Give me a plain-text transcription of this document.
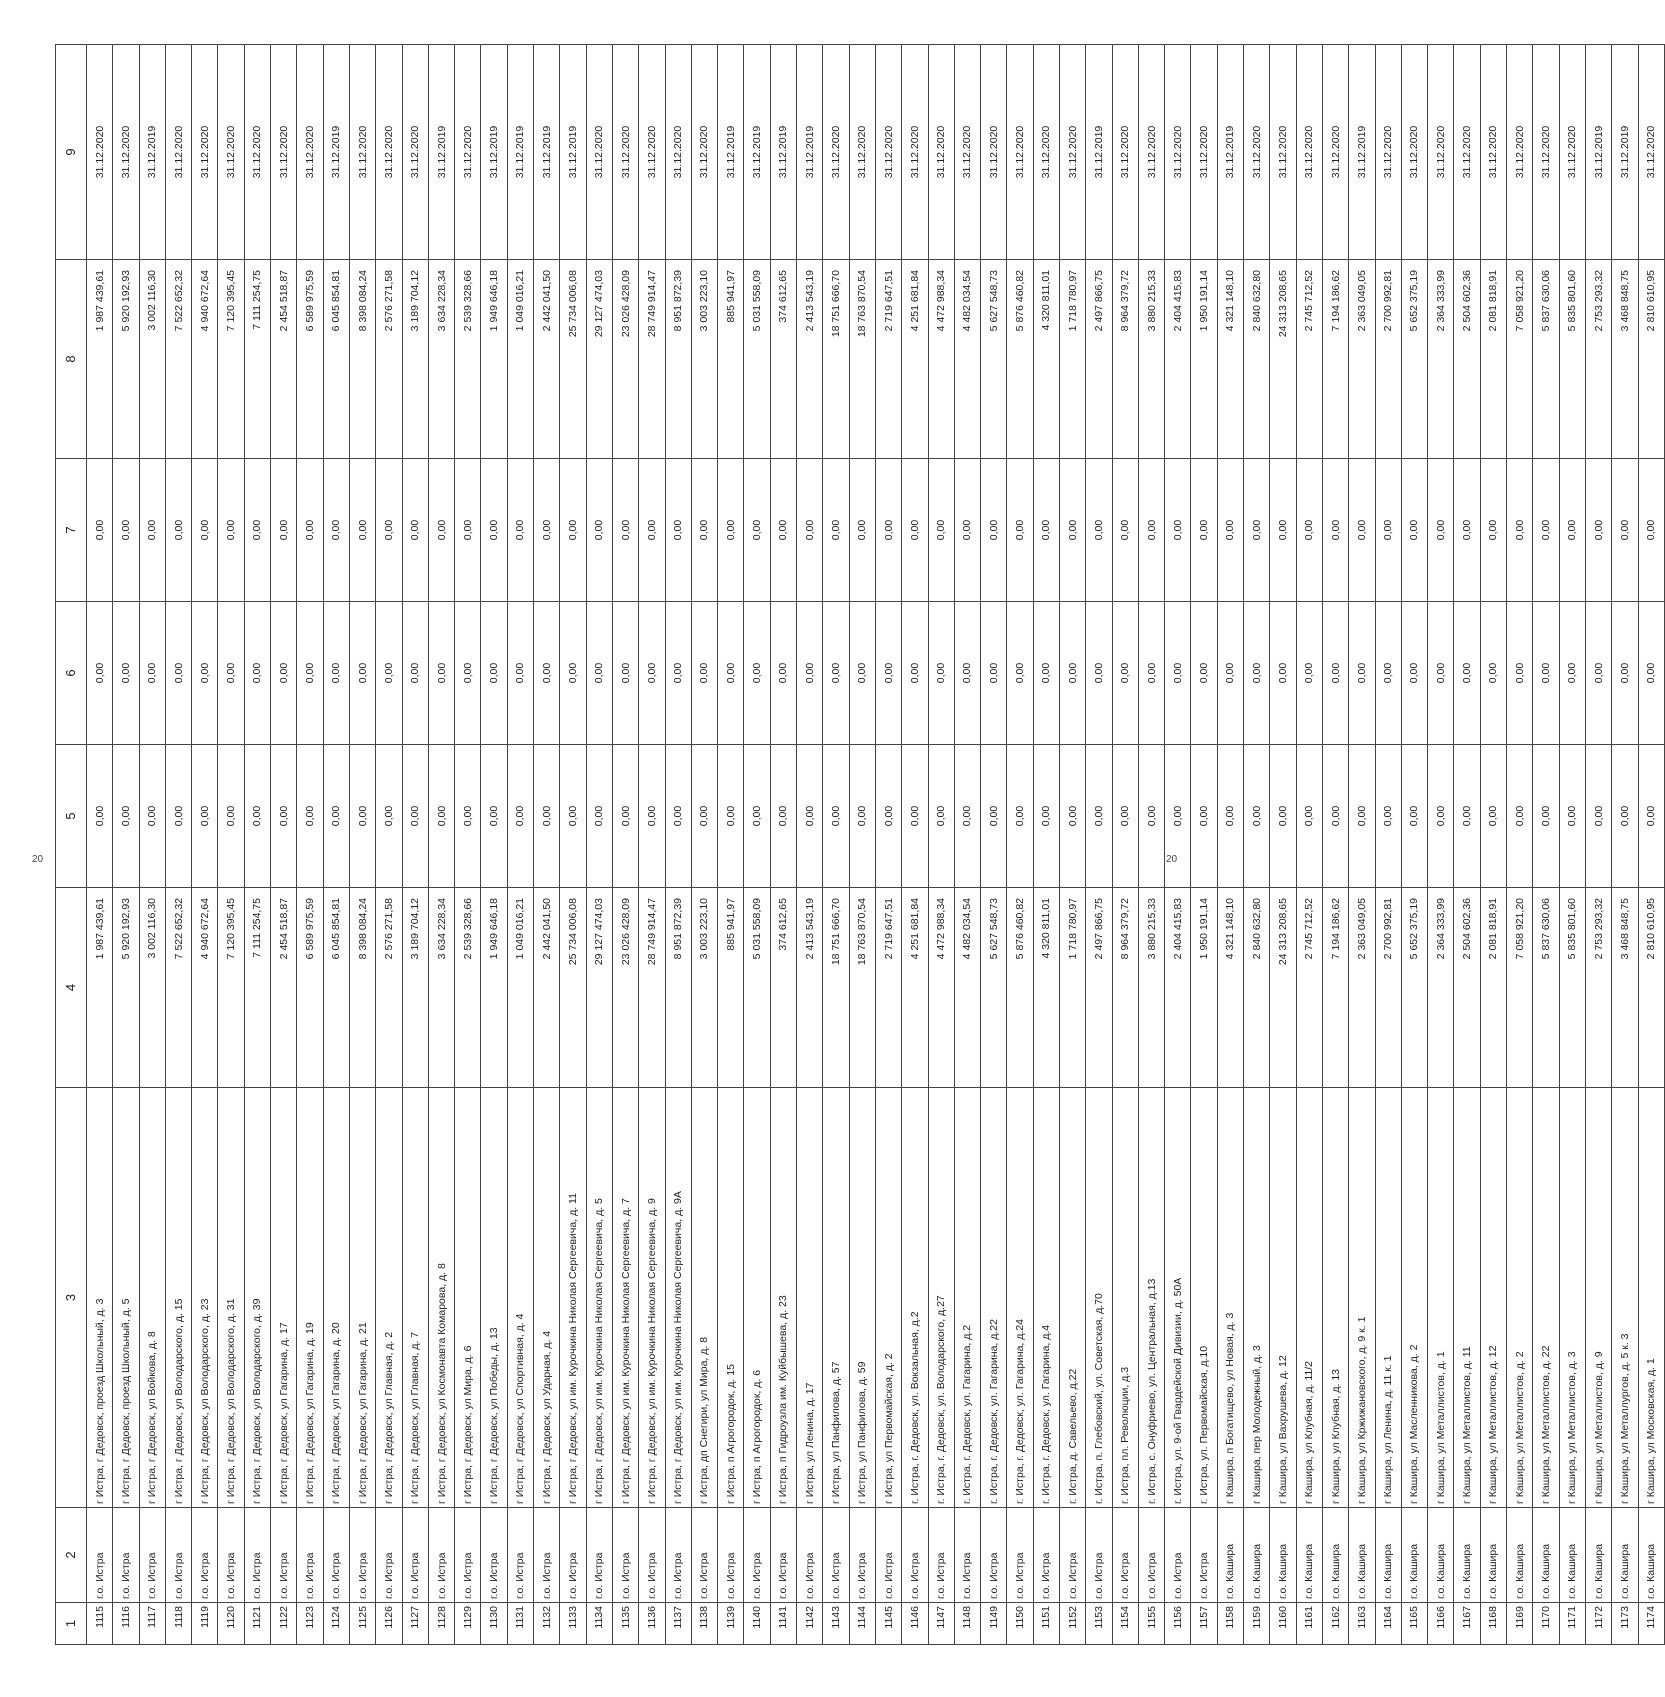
1	2	3	4	5	6	7	8	9
1115	г.о. Истра	г Истра, г Дедовск, проезд Школьный, д. 3	1 987 439,61	0,00	0,00	0,00	1 987 439,61	31.12.2020
1116	г.о. Истра	г Истра, г Дедовск, проезд Школьный, д. 5	5 920 192,93	0,00	0,00	0,00	5 920 192,93	31.12.2020
1117	г.о. Истра	г Истра, г Дедовск, ул Войкова, д. 8	3 002 116,30	0,00	0,00	0,00	3 002 116,30	31.12.2019
1118	г.о. Истра	г Истра, г Дедовск, ул Володарского, д. 15	7 522 652,32	0,00	0,00	0,00	7 522 652,32	31.12.2020
1119	г.о. Истра	г Истра, г Дедовск, ул Володарского, д. 23	4 940 672,64	0,00	0,00	0,00	4 940 672,64	31.12.2020
1120	г.о. Истра	г Истра, г Дедовск, ул Володарского, д. 31	7 120 395,45	0,00	0,00	0,00	7 120 395,45	31.12.2020
1121	г.о. Истра	г Истра, г Дедовск, ул Володарского, д. 39	7 111 254,75	0,00	0,00	0,00	7 111 254,75	31.12.2020
1122	г.о. Истра	г Истра, г Дедовск, ул Гагарина, д. 17	2 454 518,87	0,00	0,00	0,00	2 454 518,87	31.12.2020
1123	г.о. Истра	г Истра, г Дедовск, ул Гагарина, д. 19	6 589 975,59	0,00	0,00	0,00	6 589 975,59	31.12.2020
1124	г.о. Истра	г Истра, г Дедовск, ул Гагарина, д. 20	6 045 854,81	0,00	0,00	0,00	6 045 854,81	31.12.2019
1125	г.о. Истра	г Истра, г Дедовск, ул Гагарина, д. 21	8 398 084,24	0,00	0,00	0,00	8 398 084,24	31.12.2020
1126	г.о. Истра	г Истра, г Дедовск, ул Главная, д. 2	2 576 271,58	0,00	0,00	0,00	2 576 271,58	31.12.2020
1127	г.о. Истра	г Истра, г Дедовск, ул Главная, д. 7	3 189 704,12	0,00	0,00	0,00	3 189 704,12	31.12.2020
1128	г.о. Истра	г Истра, г Дедовск, ул Космонавта Комарова, д. 8	3 634 228,34	0,00	0,00	0,00	3 634 228,34	31.12.2019
1129	г.о. Истра	г Истра, г Дедовск, ул Мира, д. 6	2 539 328,66	0,00	0,00	0,00	2 539 328,66	31.12.2020
1130	г.о. Истра	г Истра, г Дедовск, ул Победы, д. 13	1 949 646,18	0,00	0,00	0,00	1 949 646,18	31.12.2019
1131	г.о. Истра	г Истра, г Дедовск, ул Спортивная, д. 4	1 049 016,21	0,00	0,00	0,00	1 049 016,21	31.12.2019
1132	г.о. Истра	г Истра, г Дедовск, ул Ударная, д. 4	2 442 041,50	0,00	0,00	0,00	2 442 041,50	31.12.2019
1133	г.о. Истра	г Истра, г Дедовск, ул им. Курочкина Николая Сергеевича, д. 11	25 734 006,08	0,00	0,00	0,00	25 734 006,08	31.12.2019
1134	г.о. Истра	г Истра, г Дедовск, ул им. Курочкина Николая Сергеевича, д. 5	29 127 474,03	0,00	0,00	0,00	29 127 474,03	31.12.2020
1135	г.о. Истра	г Истра, г Дедовск, ул им. Курочкина Николая Сергеевича, д. 7	23 026 428,09	0,00	0,00	0,00	23 026 428,09	31.12.2020
1136	г.о. Истра	г Истра, г Дедовск, ул им. Курочкина Николая Сергеевича, д. 9	28 749 914,47	0,00	0,00	0,00	28 749 914,47	31.12.2020
1137	г.о. Истра	г Истра, г Дедовск, ул им. Курочкина Николая Сергеевича, д. 9А	8 951 872,39	0,00	0,00	0,00	8 951 872,39	31.12.2020
1138	г.о. Истра	г Истра, дп Снегири, ул Мира, д. 8	3 003 223,10	0,00	0,00	0,00	3 003 223,10	31.12.2020
1139	г.о. Истра	г Истра, п Агрогородок, д. 15	885 941,97	0,00	0,00	0,00	885 941,97	31.12.2019
1140	г.о. Истра	г Истра, п Агрогородок, д. 6	5 031 558,09	0,00	0,00	0,00	5 031 558,09	31.12.2019
1141	г.о. Истра	г Истра, п Гидроузла им. Куйбышева, д. 23	374 612,65	0,00	0,00	0,00	374 612,65	31.12.2019
1142	г.о. Истра	г Истра, ул Ленина, д. 17	2 413 543,19	0,00	0,00	0,00	2 413 543,19	31.12.2019
1143	г.о. Истра	г Истра, ул Панфилова, д. 57	18 751 666,70	0,00	0,00	0,00	18 751 666,70	31.12.2020
1144	г.о. Истра	г Истра, ул Панфилова, д. 59	18 763 870,54	0,00	0,00	0,00	18 763 870,54	31.12.2020
1145	г.о. Истра	г Истра, ул Первомайская, д. 2	2 719 647,51	0,00	0,00	0,00	2 719 647,51	31.12.2020
1146	г.о. Истра	г. Истра, г. Дедовск, ул. Вокзальная, д.2	4 251 681,84	0,00	0,00	0,00	4 251 681,84	31.12.2020
1147	г.о. Истра	г. Истра, г. Дедовск, ул. Володарского, д.27	4 472 988,34	0,00	0,00	0,00	4 472 988,34	31.12.2020
1148	г.о. Истра	г. Истра, г. Дедовск, ул. Гагарина, д.2	4 482 034,54	0,00	0,00	0,00	4 482 034,54	31.12.2020
1149	г.о. Истра	г. Истра, г. Дедовск, ул. Гагарина, д.22	5 627 548,73	0,00	0,00	0,00	5 627 548,73	31.12.2020
1150	г.о. Истра	г. Истра, г. Дедовск, ул. Гагарина, д.24	5 876 460,82	0,00	0,00	0,00	5 876 460,82	31.12.2020
1151	г.о. Истра	г. Истра, г. Дедовск, ул. Гагарина, д.4	4 320 811,01	0,00	0,00	0,00	4 320 811,01	31.12.2020
1152	г.о. Истра	г. Истра, д. Савельево, д.22	1 718 780,97	0,00	0,00	0,00	1 718 780,97	31.12.2020
1153	г.о. Истра	г. Истра, п. Глебовский, ул. Советская, д.70	2 497 866,75	0,00	0,00	0,00	2 497 866,75	31.12.2019
1154	г.о. Истра	г. Истра, пл. Революции, д.3	8 964 379,72	0,00	0,00	0,00	8 964 379,72	31.12.2020
1155	г.о. Истра	г. Истра, с. Онуфриево, ул. Центральная, д.13	3 880 215,33	0,00	0,00	0,00	3 880 215,33	31.12.2020
1156	г.о. Истра	г. Истра, ул. 9-ой Гвардейской Дивизии, д. 50А	2 404 415,83	0,00	0,00	0,00	2 404 415,83	31.12.2020
1157	г.о. Истра	г. Истра, ул. Первомайская, д.10	1 950 191,14	0,00	0,00	0,00	1 950 191,14	31.12.2020
1158	г.о. Кашира	г Кашира, п Богатищево, ул Новая, д. 3	4 321 148,10	0,00	0,00	0,00	4 321 148,10	31.12.2019
1159	г.о. Кашира	г Кашира, пер Молодежный, д. 3	2 840 632,80	0,00	0,00	0,00	2 840 632,80	31.12.2020
1160	г.о. Кашира	г Кашира, ул Вахрушева, д. 12	24 313 208,65	0,00	0,00	0,00	24 313 208,65	31.12.2020
1161	г.о. Кашира	г Кашира, ул Клубная, д. 11/2	2 745 712,52	0,00	0,00	0,00	2 745 712,52	31.12.2020
1162	г.о. Кашира	г Кашира, ул Клубная, д. 13	7 194 186,62	0,00	0,00	0,00	7 194 186,62	31.12.2020
1163	г.о. Кашира	г Кашира, ул Кржижановского, д. 9 к. 1	2 363 049,05	0,00	0,00	0,00	2 363 049,05	31.12.2019
1164	г.о. Кашира	г Кашира, ул Ленина, д. 11 к. 1	2 700 992,81	0,00	0,00	0,00	2 700 992,81	31.12.2020
1165	г.о. Кашира	г Кашира, ул Масленникова, д. 2	5 652 375,19	0,00	0,00	0,00	5 652 375,19	31.12.2020
1166	г.о. Кашира	г Кашира, ул Металлистов, д. 1	2 364 333,99	0,00	0,00	0,00	2 364 333,99	31.12.2020
1167	г.о. Кашира	г Кашира, ул Металлистов, д. 11	2 504 602,36	0,00	0,00	0,00	2 504 602,36	31.12.2020
1168	г.о. Кашира	г Кашира, ул Металлистов, д. 12	2 081 818,91	0,00	0,00	0,00	2 081 818,91	31.12.2020
1169	г.о. Кашира	г Кашира, ул Металлистов, д. 2	7 058 921,20	0,00	0,00	0,00	7 058 921,20	31.12.2020
1170	г.о. Кашира	г Кашира, ул Металлистов, д. 22	5 837 630,06	0,00	0,00	0,00	5 837 630,06	31.12.2020
1171	г.о. Кашира	г Кашира, ул Металлистов, д. 3	5 835 801,60	0,00	0,00	0,00	5 835 801,60	31.12.2020
1172	г.о. Кашира	г Кашира, ул Металлистов, д. 9	2 753 293,32	0,00	0,00	0,00	2 753 293,32	31.12.2019
1173	г.о. Кашира	г Кашира, ул Металлургов, д. 5 к. 3	3 468 848,75	0,00	0,00	0,00	3 468 848,75	31.12.2019
1174	г.о. Кашира	г Кашира, ул Московская, д. 1	2 810 610,95	0,00	0,00	0,00	2 810 610,95	31.12.2020
20	20
